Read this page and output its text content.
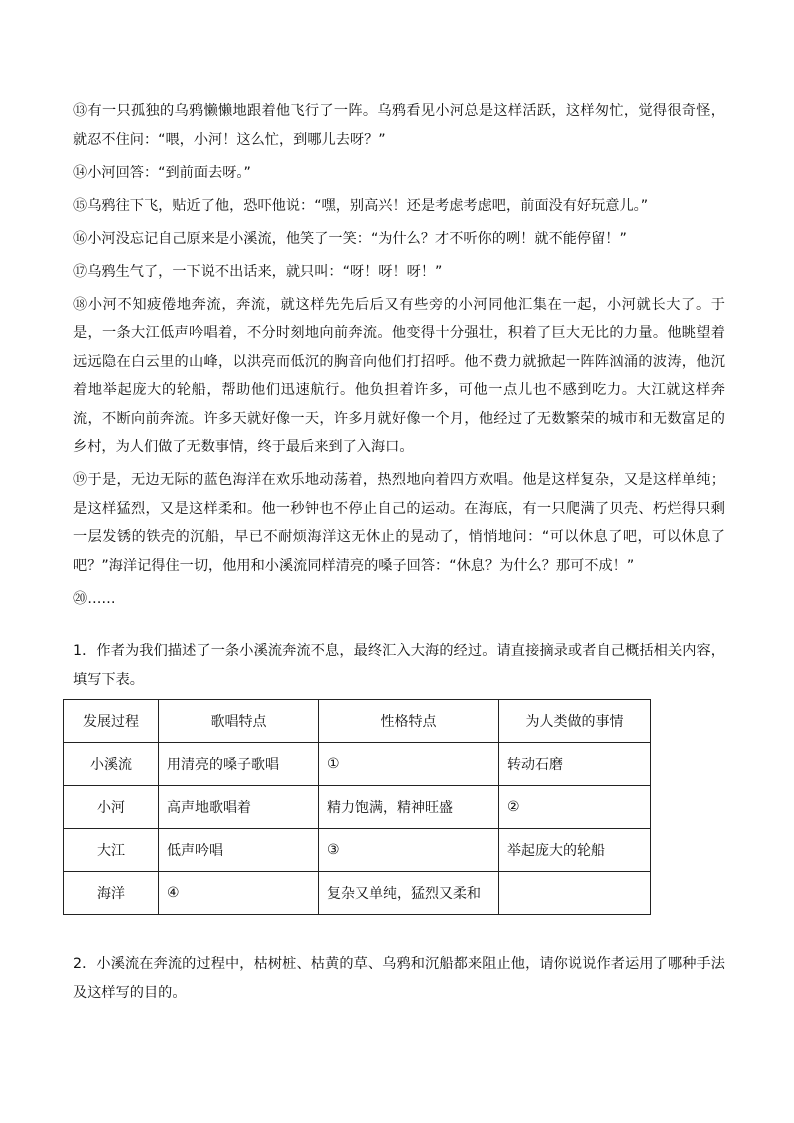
⑬有一只孤独的乌鸦懒懒地跟着他飞行了一阵。乌鸦看见小河总是这样活跃，这样匆忙，觉得很奇怪，就忍不住问：“喂，小河！这么忙，到哪儿去呀？”

⑭小河回答：“到前面去呀。”

⑮乌鸦往下飞，贴近了他，恐吓他说：“嘿，别高兴！还是考虑考虑吧，前面没有好玩意儿。”

⑯小河没忘记自己原来是小溪流，他笑了一笑：“为什么？才不听你的咧！就不能停留！”

⑰乌鸦生气了，一下说不出话来，就只叫：“呀！呀！呀！”

⑱小河不知疲倦地奔流，奔流，就这样先先后后又有些旁的小河同他汇集在一起，小河就长大了。于是，一条大江低声吟唱着，不分时刻地向前奔流。他变得十分强壮，积着了巨大无比的力量。他眺望着远远隐在白云里的山峰，以洪亮而低沉的胸音向他们打招呼。他不费力就掀起一阵阵汹涌的波涛，他沉着地举起庞大的轮船，帮助他们迅速航行。他负担着许多，可他一点儿也不感到吃力。大江就这样奔流，不断向前奔流。许多天就好像一天，许多月就好像一个月，他经过了无数繁荣的城市和无数富足的乡村，为人们做了无数事情，终于最后来到了入海口。

⑲于是，无边无际的蓝色海洋在欢乐地动荡着，热烈地向着四方欢唱。他是这样复杂，又是这样单纯；是这样猛烈，又是这样柔和。他一秒钟也不停止自己的运动。在海底，有一只爬满了贝壳、朽烂得只剩一层发锈的铁壳的沉船，早已不耐烦海洋这无休止的晃动了，悄悄地问：“可以休息了吧，可以休息了吧？”海洋记得住一切，他用和小溪流同样清亮的嗓子回答：“休息？为什么？那可不成！”

⑳……

1．作者为我们描述了一条小溪流奔流不息，最终汇入大海的经过。请直接摘录或者自己概括相关内容，填写下表。

发展过程	歌唱特点	性格特点	为人类做的事情
小溪流	用清亮的嗓子歌唱	①	转动石磨
小河	高声地歌唱着	精力饱满，精神旺盛	②
大江	低声吟唱	③	举起庞大的轮船
海洋	④	复杂又单纯，猛烈又柔和	

2．小溪流在奔流的过程中，枯树桩、枯黄的草、乌鸦和沉船都来阻止他，请你说说作者运用了哪种手法及这样写的目的。
